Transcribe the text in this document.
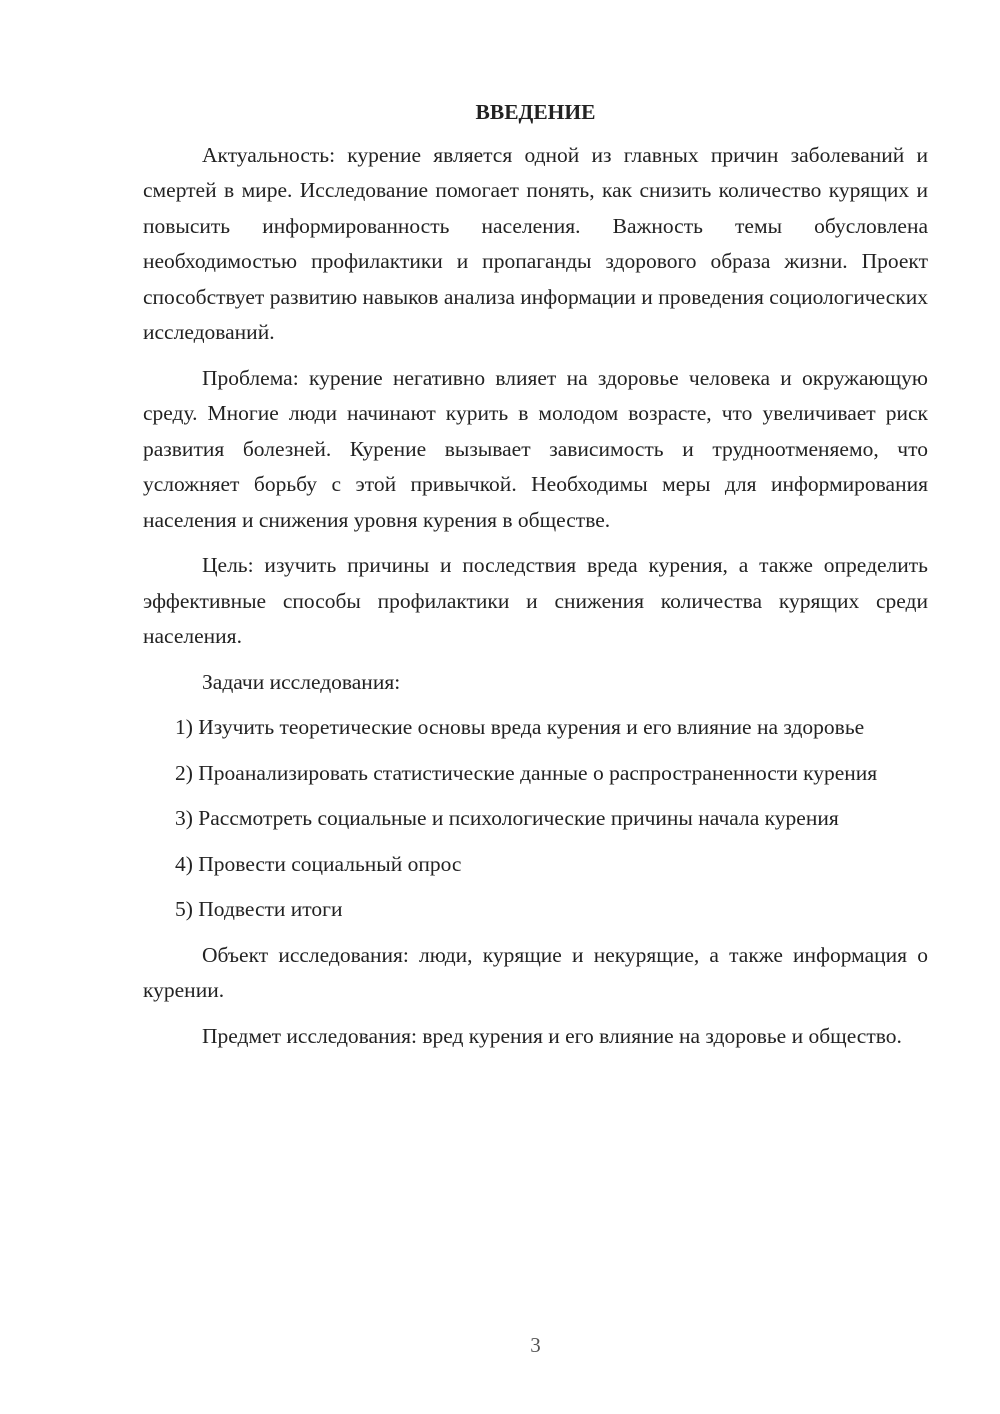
ВВЕДЕНИЕ

Актуальность: курение является одной из главных причин заболеваний и смертей в мире. Исследование помогает понять, как снизить количество курящих и повысить информированность населения. Важность темы обусловлена необходимостью профилактики и пропаганды здорового образа жизни. Проект способствует развитию навыков анализа информации и проведения социологических исследований.

Проблема: курение негативно влияет на здоровье человека и окружающую среду. Многие люди начинают курить в молодом возрасте, что увеличивает риск развития болезней. Курение вызывает зависимость и трудноотменяемо, что усложняет борьбу с этой привычкой. Необходимы меры для информирования населения и снижения уровня курения в обществе.

Цель: изучить причины и последствия вреда курения, а также определить эффективные способы профилактики и снижения количества курящих среди населения.

Задачи исследования:

1) Изучить теоретические основы вреда курения и его влияние на здоровье

2) Проанализировать статистические данные о распространенности курения

3) Рассмотреть социальные и психологические причины начала курения

4) Провести социальный опрос

5) Подвести итоги

Объект исследования: люди, курящие и некурящие, а также информация о курении.

Предмет исследования: вред курения и его влияние на здоровье и общество.

3
